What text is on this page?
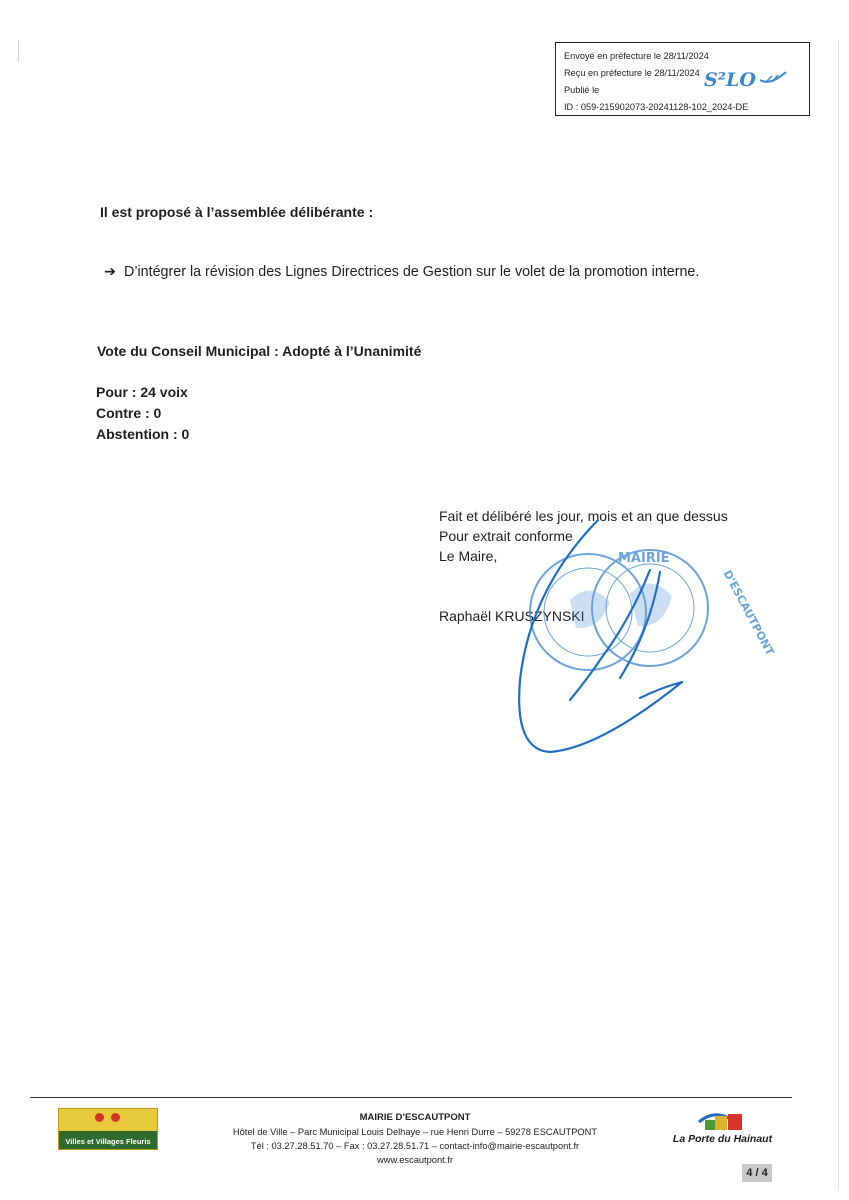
Envoyé en préfecture le 28/11/2024
Reçu en préfecture le 28/11/2024
Publié le
ID : 059-215902073-20241128-102_2024-DE
S²LO
Il est proposé à l’assemblée délibérante :
➔ D’intégrer la révision des Lignes Directrices de Gestion sur le volet de la promotion interne.
Vote du Conseil Municipal : Adopté à l’Unanimité
Pour : 24 voix
Contre : 0
Abstention : 0
Fait et délibéré les jour, mois et an que dessus
Pour extrait conforme
Le Maire,
Raphaël KRUSZYNSKI
MAIRIE
D'ESCAUTPONT
Villes et Villages Fleuris
MAIRIE D’ESCAUTPONT
Hôtel de Ville – Parc Municipal Louis Delhaye – rue Henri Durre – 59278 ESCAUTPONT
Tél : 03.27.28.51.70 – Fax : 03.27.28.51.71 – contact-info@mairie-escautpont.fr
www.escautpont.fr
La Porte du Hainaut
4 / 4
